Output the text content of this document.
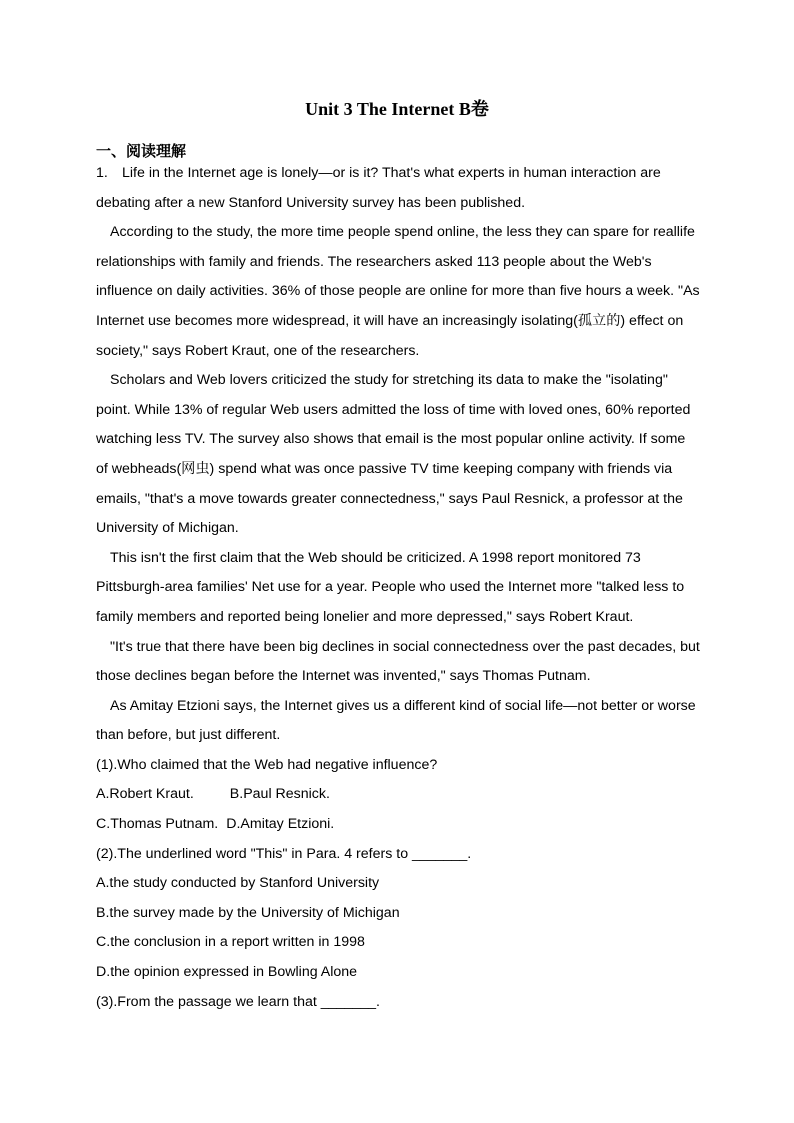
Unit 3 The Internet B卷
一、阅读理解

1. Life in the Internet age is lonely—or is it? That's what experts in human interaction are debating after a new Stanford University survey has been published.

According to the study, the more time people spend online, the less they can spare for reallife relationships with family and friends. The researchers asked 113 people about the Web's influence on daily activities. 36% of those people are online for more than five hours a week. "As Internet use becomes more widespread, it will have an increasingly isolating(孤立的) effect on society," says Robert Kraut, one of the researchers.

Scholars and Web lovers criticized the study for stretching its data to make the "isolating" point. While 13% of regular Web users admitted the loss of time with loved ones, 60% reported watching less TV. The survey also shows that email is the most popular online activity. If some of webheads(网虫) spend what was once passive TV time keeping company with friends via emails, "that's a move towards greater connectedness," says Paul Resnick, a professor at the University of Michigan.

This isn't the first claim that the Web should be criticized. A 1998 report monitored 73 Pittsburgh-area families' Net use for a year. People who used the Internet more "talked less to family members and reported being lonelier and more depressed," says Robert Kraut.

"It's true that there have been big declines in social connectedness over the past decades, but those declines began before the Internet was invented," says Thomas Putnam.

As Amitay Etzioni says, the Internet gives us a different kind of social life—not better or worse than before, but just different.

(1).Who claimed that the Web had negative influence?

A.Robert Kraut.	B.Paul Resnick.

C.Thomas Putnam. D.Amitay Etzioni.

(2).The underlined word "This" in Para. 4 refers to _______.

A.the study conducted by Stanford University

B.the survey made by the University of Michigan

C.the conclusion in a report written in 1998

D.the opinion expressed in Bowling Alone

(3).From the passage we learn that _______.
